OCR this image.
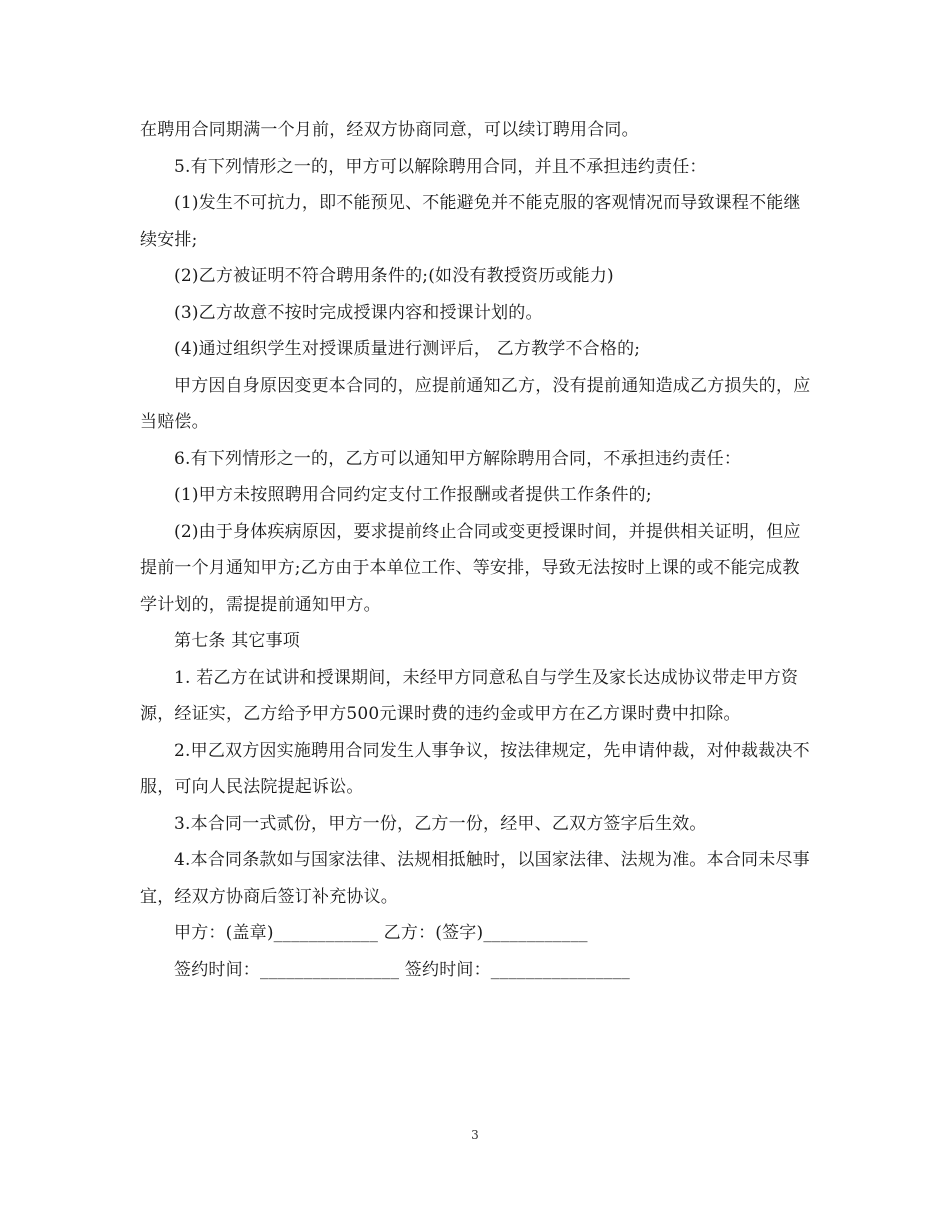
在聘用合同期满一个月前，经双方协商同意，可以续订聘用合同。

5.有下列情形之一的，甲方可以解除聘用合同，并且不承担违约责任：

(1)发生不可抗力，即不能预见、不能避免并不能克服的客观情况而导致课程不能继续安排;

(2)乙方被证明不符合聘用条件的;(如没有教授资历或能力)

(3)乙方故意不按时完成授课内容和授课计划的。

(4)通过组织学生对授课质量进行测评后， 乙方教学不合格的;

甲方因自身原因变更本合同的，应提前通知乙方，没有提前通知造成乙方损失的，应当赔偿。

6.有下列情形之一的，乙方可以通知甲方解除聘用合同，不承担违约责任：

(1)甲方未按照聘用合同约定支付工作报酬或者提供工作条件的;

(2)由于身体疾病原因，要求提前终止合同或变更授课时间，并提供相关证明，但应提前一个月通知甲方;乙方由于本单位工作、等安排，导致无法按时上课的或不能完成教学计划的，需提提前通知甲方。

第七条 其它事项

1. 若乙方在试讲和授课期间，未经甲方同意私自与学生及家长达成协议带走甲方资源，经证实，乙方给予甲方500元课时费的违约金或甲方在乙方课时费中扣除。

2.甲乙双方因实施聘用合同发生人事争议，按法律规定，先申请仲裁，对仲裁裁决不服，可向人民法院提起诉讼。

3.本合同一式贰份，甲方一份，乙方一份，经甲、乙双方签字后生效。

4.本合同条款如与国家法律、法规相抵触时，以国家法律、法规为准。本合同未尽事宜，经双方协商后签订补充协议。

甲方：(盖章)____________ 乙方：(签字)____________

签约时间：________________ 签约时间：________________

3
